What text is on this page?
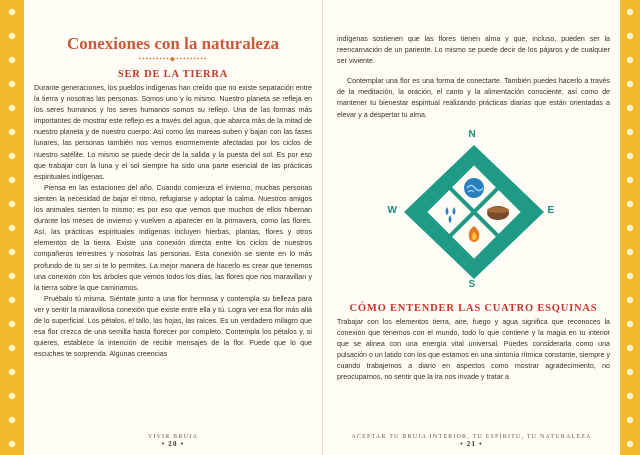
Conexiones con la naturaleza
•••••••••◆•••••••••
SER DE LA TIERRA

Durante generaciones, los pueblos indígenas han creído que no existe separación entre la tierra y nosotras las personas. Somos uno y lo mismo. Nuestro planeta se refleja en los seres humanos y los seres humanos somos su reflejo. Una de las formas más importantes de mostrar este reflejo es a través del agua, que abarca más de la mitad de nuestro planeta y de nuestro cuerpo. Así como las mareas suben y bajan con las fases lunares, las personas también nos vemos enormemente afectadas por los ciclos de nuestro satélite. Lo mismo se puede decir de la salida y la puesta del sol. Es por eso que trabajar con la luna y el sol siempre ha sido una parte esencial de las prácticas espirituales indígenas.

Piensa en las estaciones del año. Cuando comienza el invierno, muchas personas sienten la necesidad de bajar el ritmo, refugiarse y adoptar la calma. Nuestros amigos los animales sienten lo mismo; es por eso que vemos que muchos de ellos hibernan durante los meses de invierno y vuelven a aparecer en la primavera, como las flores. Así, las prácticas espirituales indígenas incluyen hierbas, plantas, flores y otros elementos de la tierra. Existe una conexión directa entre los ciclos de nuestros compañeros terrestres y nosotras las personas. Esta conexión se siente en lo más profundo de tu ser si te lo permites. La mejor manera de hacerlo es crear que tenemos una conexión con los árboles que vemos todos los días, las flores que nos maravillan y la tierra sobre la que caminamos.

Pruébalo tú misma. Siéntate junto a una flor hermosa y contempla su belleza para ver y sentir la maravillosa conexión que existe entre ella y tú. Logra ver esa flor más allá de lo superficial. Los pétalos, el tallo, las hojas, las raíces. Es un verdadero milagro que esa flor crezca de una semilla hasta florecer por completo. Contempla los pétalos y, si quieres, establece la intención de recibir mensajes de la flor. Puede que lo que escuches te sorprenda. Algunas creencias

VIVIR BRUJA
• 20 •

indígenas sostienen que las flores tienen alma y que, incluso, pueden ser la reencarnación de un pariente. Lo mismo se puede decir de los pájaros y de cualquier ser viviente.

Contemplar una flor es una forma de conectarte. También puedes hacerlo a través de la meditación, la oración, el canto y la alimentación consciente, así como de mantener tu bienestar espiritual realizando prácticas diarias que están orientadas a elevar y a despertar tu alma.

N
S
E
W
CÓMO ENTENDER LAS CUATRO ESQUINAS

Trabajar con los elementos tierra, aire, fuego y agua significa que reconoces la conexión que tenemos con el mundo, todo lo que contiene y la magia en tu interior que se alinea con una energía vital universal. Puedes considerarla como una pulsación o un latido con los que estamos en una sintonía rítmica constante, siempre y cuando trabajemos a diario en aspectos como mostrar agradecimiento, no preocuparnos, no sentir que la ira nos invade y tratar a

ACEPTAR TU BRUJA INTERIOR, TU ESPÍRITU, TU NATURALEZA
• 21 •
